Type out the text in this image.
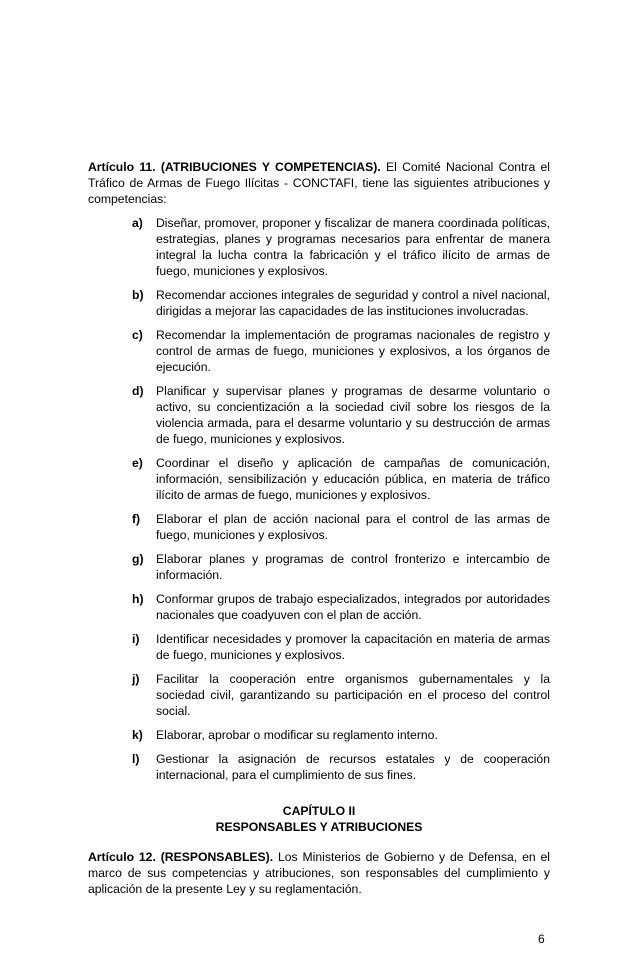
Artículo 11. (ATRIBUCIONES Y COMPETENCIAS). El Comité Nacional Contra el Tráfico de Armas de Fuego Ilícitas - CONCTAFI, tiene las siguientes atribuciones y competencias:

a) Diseñar, promover, proponer y fiscalizar de manera coordinada políticas, estrategias, planes y programas necesarios para enfrentar de manera integral la lucha contra la fabricación y el tráfico ilícito de armas de fuego, municiones y explosivos.
b) Recomendar acciones integrales de seguridad y control a nivel nacional, dirigidas a mejorar las capacidades de las instituciones involucradas.
c) Recomendar la implementación de programas nacionales de registro y control de armas de fuego, municiones y explosivos, a los órganos de ejecución.
d) Planificar y supervisar planes y programas de desarme voluntario o activo, su concientización a la sociedad civil sobre los riesgos de la violencia armada, para el desarme voluntario y su destrucción de armas de fuego, municiones y explosivos.
e) Coordinar el diseño y aplicación de campañas de comunicación, información, sensibilización y educación pública, en materia de tráfico ilícito de armas de fuego, municiones y explosivos.
f) Elaborar el plan de acción nacional para el control de las armas de fuego, municiones y explosivos.
g) Elaborar planes y programas de control fronterizo e intercambio de información.
h) Conformar grupos de trabajo especializados, integrados por autoridades nacionales que coadyuven con el plan de acción.
i) Identificar necesidades y promover la capacitación en materia de armas de fuego, municiones y explosivos.
j) Facilitar la cooperación entre organismos gubernamentales y la sociedad civil, garantizando su participación en el proceso del control social.
k) Elaborar, aprobar o modificar su reglamento interno.
l) Gestionar la asignación de recursos estatales y de cooperación internacional, para el cumplimiento de sus fines.
CAPÍTULO II
RESPONSABLES Y ATRIBUCIONES

Artículo 12. (RESPONSABLES). Los Ministerios de Gobierno y de Defensa, en el marco de sus competencias y atribuciones, son responsables del cumplimiento y aplicación de la presente Ley y su reglamentación.

6
